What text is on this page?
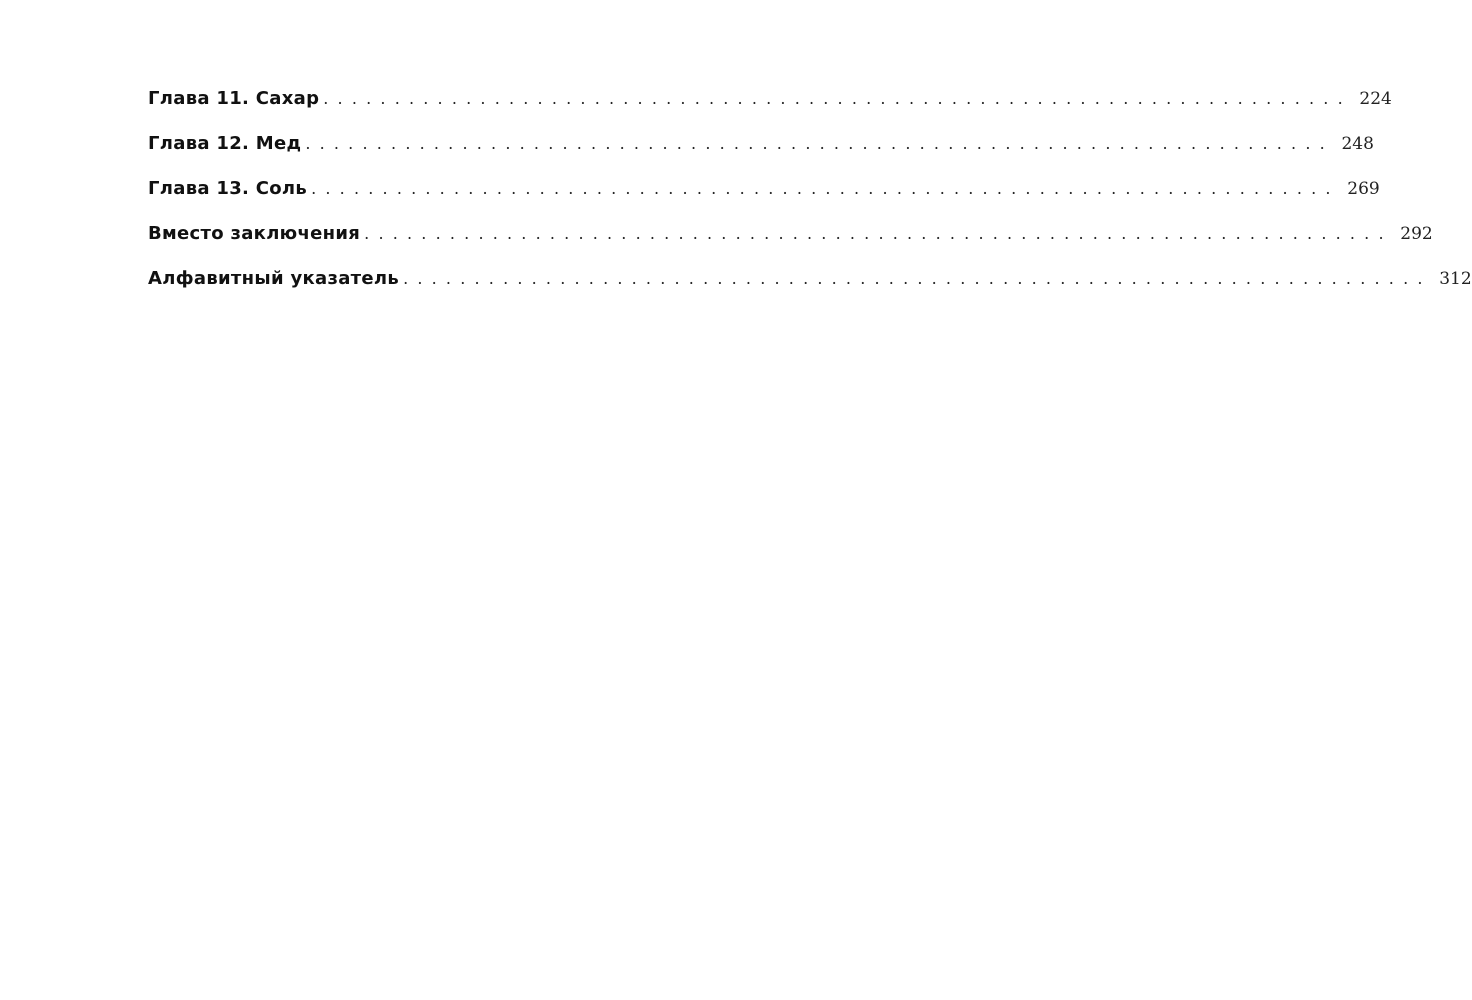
Глава 11. Сахар ........................................................................ 224
Глава 12. Мед ........................................................................ 248
Глава 13. Соль ........................................................................ 269
Вместо заключения ........................................................................ 292
Алфавитный указатель ........................................................................ 312
